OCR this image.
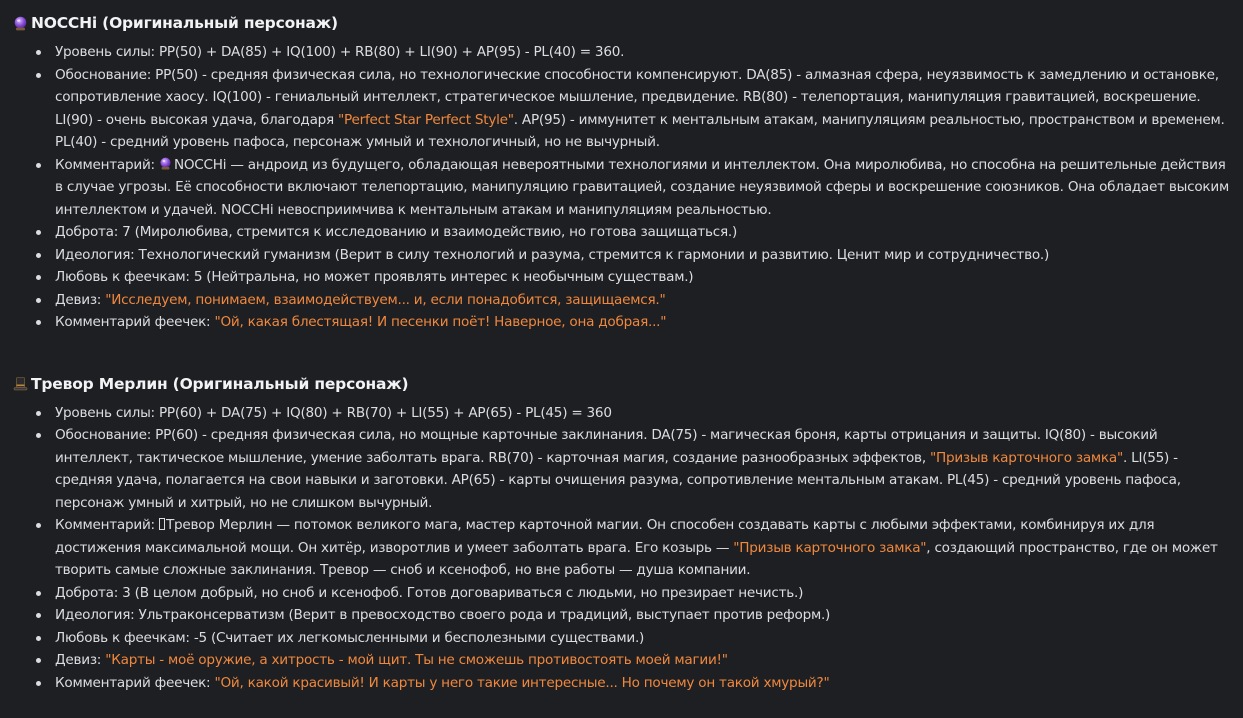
NOCCHi (Оригинальный персонаж)
Уровень силы: PP(50) + DA(85) + IQ(100) + RB(80) + LI(90) + AP(95) - PL(40) = 360.
Обоснование: PP(50) - средняя физическая сила, но технологические способности компенсируют. DA(85) - алмазная сфера, неуязвимость к замедлению и остановке, сопротивление хаосу. IQ(100) - гениальный интеллект, стратегическое мышление, предвидение. RB(80) - телепортация, манипуляция гравитацией, воскрешение. LI(90) - очень высокая удача, благодаря "Perfect Star Perfect Style". AP(95) - иммунитет к ментальным атакам, манипуляциям реальностью, пространством и временем. PL(40) - средний уровень пафоса, персонаж умный и технологичный, но не вычурный.
Комментарий:
NOCCHi — андроид из будущего, обладающая невероятными технологиями и интеллектом. Она миролюбива, но способна на решительные действия в случае угрозы. Её способности включают телепортацию, манипуляцию гравитацией, создание неуязвимой сферы и воскрешение союзников. Она обладает высоким интеллектом и удачей. NOCCHi невосприимчива к ментальным атакам и манипуляциям реальностью.
Доброта: 7 (Миролюбива, стремится к исследованию и взаимодействию, но готова защищаться.)
Идеология: Технологический гуманизм (Верит в силу технологий и разума, стремится к гармонии и развитию. Ценит мир и сотрудничество.)
Любовь к феечкам: 5 (Нейтральна, но может проявлять интерес к необычным существам.)
Девиз: "Исследуем, понимаем, взаимодействуем... и, если понадобится, защищаемся."
Комментарий феечек: "Ой, какая блестящая! И песенки поёт! Наверное, она добрая..."
Тревор Мерлин (Оригинальный персонаж)
Уровень силы: PP(60) + DA(75) + IQ(80) + RB(70) + LI(55) + AP(65) - PL(45) = 360
Обоснование: PP(60) - средняя физическая сила, но мощные карточные заклинания. DA(75) - магическая броня, карты отрицания и защиты. IQ(80) - высокий интеллект, тактическое мышление, умение заболтать врага. RB(70) - карточная магия, создание разнообразных эффектов, "Призыв карточного замка". LI(55) - средняя удача, полагается на свои навыки и заготовки. AP(65) - карты очищения разума, сопротивление ментальным атакам. PL(45) - средний уровень пафоса, персонаж умный и хитрый, но не слишком вычурный.
Комментарий: Тревор Мерлин — потомок великого мага, мастер карточной магии. Он способен создавать карты с любыми эффектами, комбинируя их для достижения максимальной мощи. Он хитёр, изворотлив и умеет заболтать врага. Его козырь — "Призыв карточного замка", создающий пространство, где он может творить самые сложные заклинания. Тревор — сноб и ксенофоб, но вне работы — душа компании.
Доброта: 3 (В целом добрый, но сноб и ксенофоб. Готов договариваться с людьми, но презирает нечисть.)
Идеология: Ультраконсерватизм (Верит в превосходство своего рода и традиций, выступает против реформ.)
Любовь к феечкам: -5 (Считает их легкомысленными и бесполезными существами.)
Девиз: "Карты - моё оружие, а хитрость - мой щит. Ты не сможешь противостоять моей магии!"
Комментарий феечек: "Ой, какой красивый! И карты у него такие интересные... Но почему он такой хмурый?"
